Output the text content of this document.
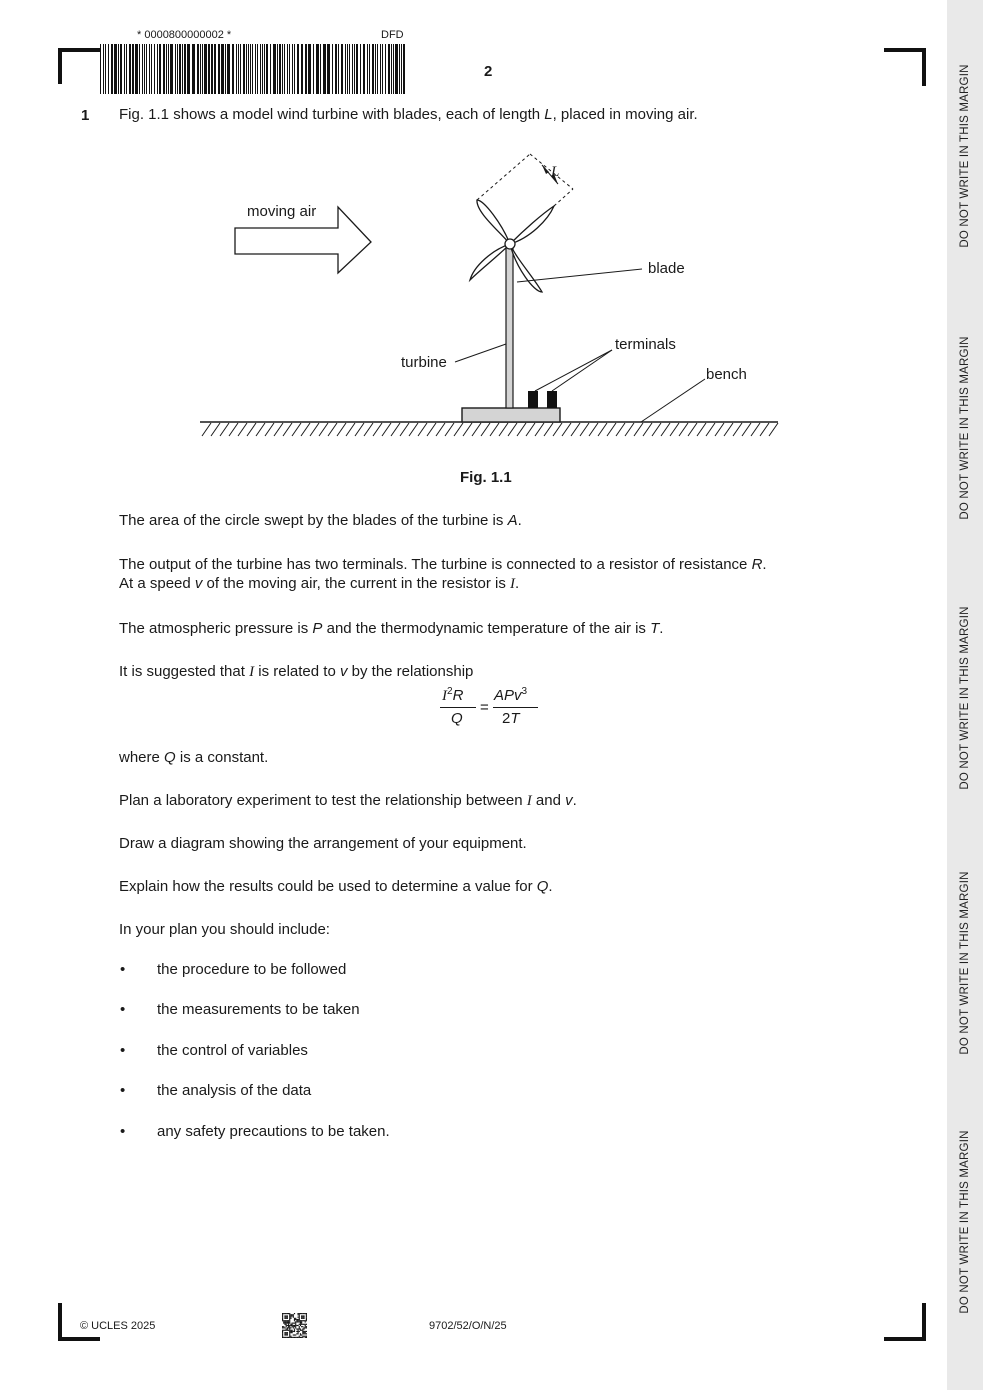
DO NOT WRITE IN THIS MARGIN
DO NOT WRITE IN THIS MARGIN
DO NOT WRITE IN THIS MARGIN
DO NOT WRITE IN THIS MARGIN
DO NOT WRITE IN THIS MARGIN
* 0000800000002 *	DFD
2
1 Fig. 1.1 shows a model wind turbine with blades, each of length L, placed in moving air.
L
moving air
blade
turbine
terminals
bench
Fig. 1.1
The area of the circle swept by the blades of the turbine is A.
The output of the turbine has two terminals. The turbine is connected to a resistor of resistance R.
At a speed v of the moving air, the current in the resistor is I.
The atmospheric pressure is P and the thermodynamic temperature of the air is T.
It is suggested that I is related to v by the relationship
$I^2R$
Q
=
APv$^3$
2T
where Q is a constant.
Plan a laboratory experiment to test the relationship between I and v.
Draw a diagram showing the arrangement of your equipment.
Explain how the results could be used to determine a value for Q.
In your plan you should include:
• the procedure to be followed
• the measurements to be taken
• the control of variables
• the analysis of the data
• any safety precautions to be taken.
© UCLES 2025	9702/52/O/N/25
